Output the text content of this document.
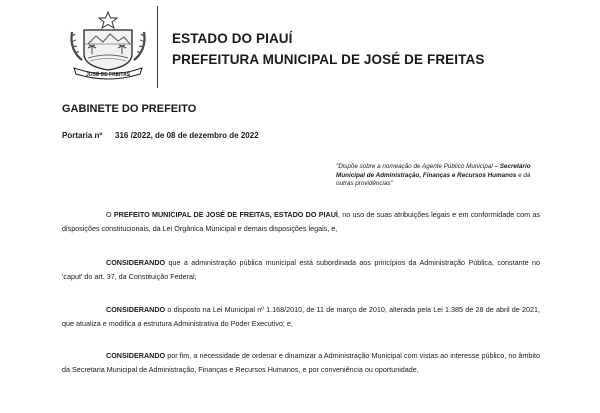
JOSÉ DE FREITAS
ESTADO DO PIAUÍ
PREFEITURA MUNICIPAL DE JOSÉ DE FREITAS
GABINETE DO PREFEITO
Portaria nº 316 /2022, de 08 de dezembro de 2022
"Dispõe sobre a nomeação de Agente Público Municipal – Secretário Municipal de Administração, Finanças e Recursos Humanos e dá outras providências"
O PREFEITO MUNICIPAL DE JOSÉ DE FREITAS, ESTADO DO PIAUÍ, no uso de suas atribuições legais e em conformidade com as disposições constitucionais, da Lei Orgânica Municipal e demais disposições legais, e,
CONSIDERANDO que a administração pública municipal está subordinada aos princípios da Administração Pública, constante no 'caput' do art. 37, da Constituição Federal;
CONSIDERANDO o disposto na Lei Municipal nº 1.168/2010, de 11 de março de 2010, alterada pela Lei 1.385 de 28 de abril de 2021, que atualiza e modifica a estrutura Administrativa do Poder Executivo; e,
CONSIDERANDO por fim, a necessidade de ordenar e dinamizar a Administração Municipal com vistas ao interesse público, no âmbito da Secretaria Municipal de Administração, Finanças e Recursos Humanos, e por conveniência ou oportunidade,
